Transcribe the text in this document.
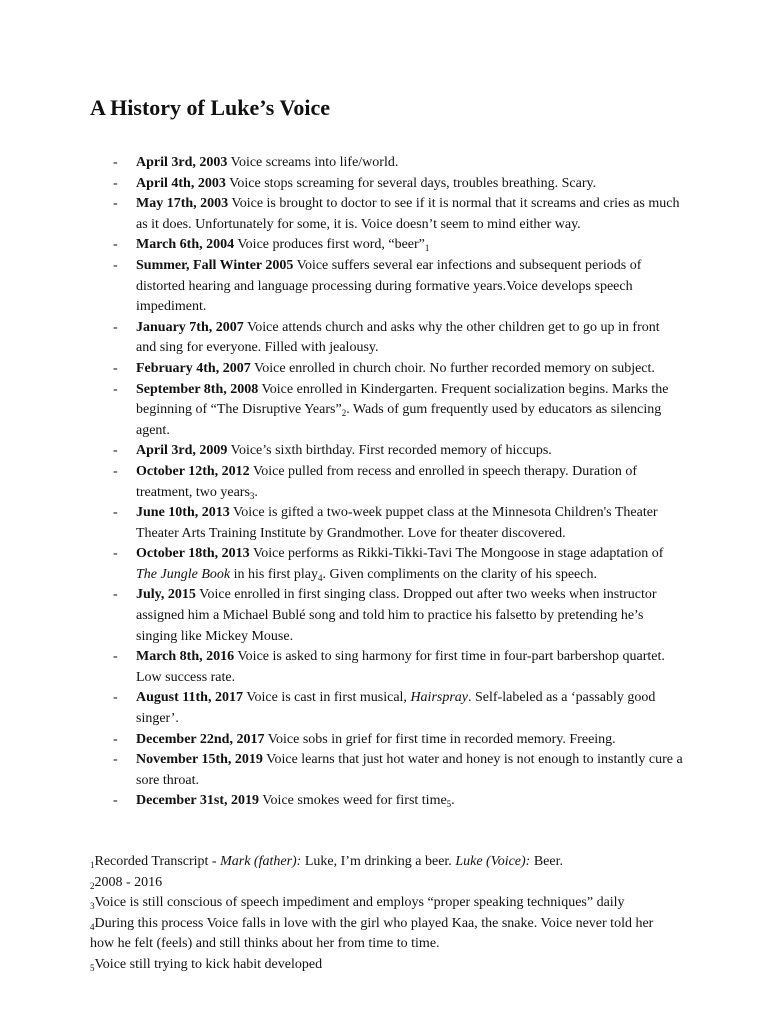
A History of Luke’s Voice
- April 3rd, 2003 Voice screams into life/world.
- April 4th, 2003 Voice stops screaming for several days, troubles breathing. Scary.
- May 17th, 2003 Voice is brought to doctor to see if it is normal that it screams and cries as much as it does. Unfortunately for some, it is. Voice doesn’t seem to mind either way.
- March 6th, 2004 Voice produces first word, “$beer”_1$
- Summer, Fall Winter 2005 Voice suffers several ear infections and subsequent periods of distorted hearing and language processing during formative years.Voice develops speech impediment.
- January 7th, 2007 Voice attends church and asks why the other children get to go up in front and sing for everyone. Filled with jealousy.
- February 4th, 2007 Voice enrolled in church choir. No further recorded memory on subject.
- September 8th, 2008 Voice enrolled in Kindergarten. Frequent socialization begins. Marks the beginning of “The Disruptive $Years”_2$. Wads of gum frequently used by educators as silencing agent.
- April 3rd, 2009 Voice’s sixth birthday. First recorded memory of hiccups.
- October 12th, 2012 Voice pulled from recess and enrolled in speech therapy. Duration of treatment, two years$_3$.
- June 10th, 2013 Voice is gifted a two-week puppet class at the Minnesota Children's Theater Theater Arts Training Institute by Grandmother. Love for theater discovered.
- October 18th, 2013 Voice performs as Rikki-Tikki-Tavi The Mongoose in stage adaptation of The Jungle Book in his first play$_4$. Given compliments on the clarity of his speech.
- July, 2015 Voice enrolled in first singing class. Dropped out after two weeks when instructor assigned him a Michael Bublé song and told him to practice his falsetto by pretending he’s singing like Mickey Mouse.
- March 8th, 2016 Voice is asked to sing harmony for first time in four-part barbershop quartet. Low success rate.
- August 11th, 2017 Voice is cast in first musical, Hairspray. Self-labeled as a ‘passably good singer’.
- December 22nd, 2017 Voice sobs in grief for first time in recorded memory. Freeing.
- November 15th, 2019 Voice learns that just hot water and honey is not enough to instantly cure a sore throat.
- December 31st, 2019 Voice smokes weed for first time$_5$.
$_1$Recorded Transcript - Mark (father): Luke, I’m drinking a beer. Luke (Voice): Beer.
$_2$2008 - 2016
$_3$Voice is still conscious of speech impediment and employs “proper speaking techniques” daily
$_4$During this process Voice falls in love with the girl who played Kaa, the snake. Voice never told her how he felt (feels) and still thinks about her from time to time.
$_5$Voice still trying to kick habit developed
